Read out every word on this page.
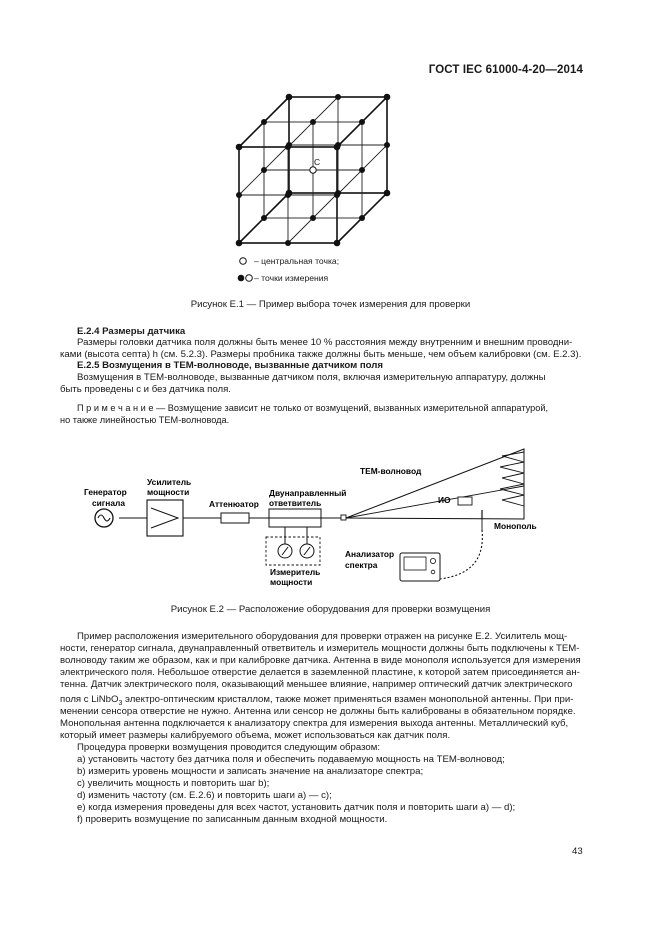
ГОСТ IEC 61000-4-20—2014
C
– центральная точка;
– точки измерения
Рисунок Е.1 — Пример выбора точек измерения для проверки
Е.2.4 Размеры датчика
Размеры головки датчика поля должны быть менее 10 % расстояния между внутренним и внешним проводни-
ками (высота септа) h (см. 5.2.3). Размеры пробника также должны быть меньше, чем объем калибровки (см. Е.2.3).
Е.2.5 Возмущения в ТЕМ-волноводе, вызванные датчиком поля
Возмущения в ТЕМ-волноводе, вызванные датчиком поля, включая измерительную аппаратуру, должны
быть проведены с и без датчика поля.
П р и м е ч а н и е — Возмущение зависит не только от возмущений, вызванных измерительной аппаратурой,
но также линейностью ТЕМ-волновода.
Генератор
сигнала
Усилитель
мощности
Аттенюатор
Двунаправленный
ответвитель
Измеритель
мощности
Анализатор
спектра
ТЕМ-волновод
ИО
Монополь
Рисунок Е.2 — Расположение оборудования для проверки возмущения
Пример расположения измерительного оборудования для проверки отражен на рисунке Е.2. Усилитель мощ-
ности, генератор сигнала, двунаправленный ответвитель и измеритель мощности должны быть подключены к ТЕМ-
волноводу таким же образом, как и при калибровке датчика. Антенна в виде монополя используется для измерения
электрического поля. Небольшое отверстие делается в заземленной пластине, к которой затем присоединяется ан-
тенна. Датчик электрического поля, оказывающий меньшее влияние, например оптический датчик электрического
поля с LiNbO$_3$ электро-оптическим кристаллом, также может применяться взамен монопольной антенны. При при-
менении сенсора отверстие не нужно. Антенна или сенсор не должны быть калиброваны в обязательном порядке.
Монопольная антенна подключается к анализатору спектра для измерения выхода антенны. Металлический куб,
который имеет размеры калибруемого объема, может использоваться как датчик поля.
Процедура проверки возмущения проводится следующим образом:
a) установить частоту без датчика поля и обеспечить подаваемую мощность на ТЕМ-волновод;
b) измерить уровень мощности и записать значение на анализаторе спектра;
c) увеличить мощность и повторить шаг b);
d) изменить частоту (см. Е.2.6) и повторить шаги а) — с);
e) когда измерения проведены для всех частот, установить датчик поля и повторить шаги а) — d);
f) проверить возмущение по записанным данным входной мощности.
43
